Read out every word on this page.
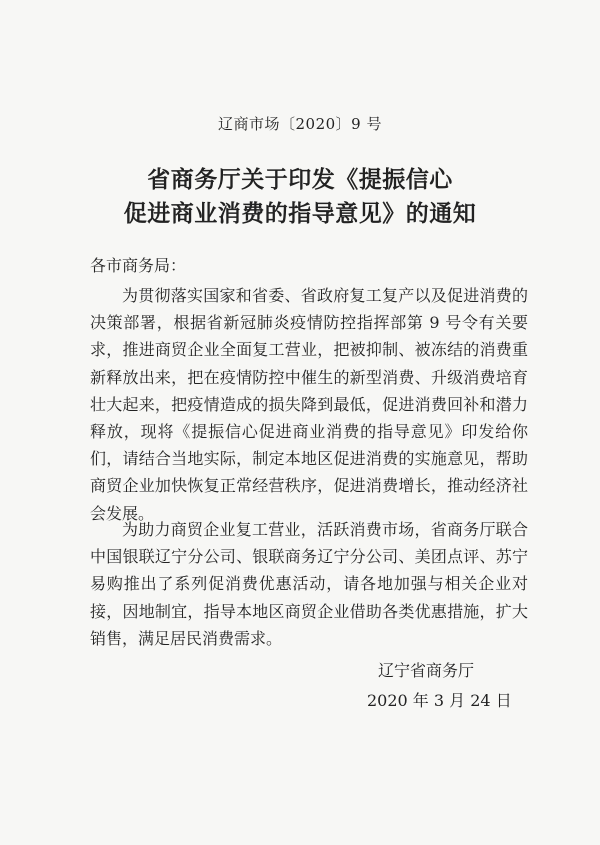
辽商市场〔2020〕9 号
省商务厅关于印发《提振信心
促进商业消费的指导意见》的通知
各市商务局：

为贯彻落实国家和省委、省政府复工复产以及促进消费的决策部署，根据省新冠肺炎疫情防控指挥部第 9 号令有关要求，推进商贸企业全面复工营业，把被抑制、被冻结的消费重新释放出来，把在疫情防控中催生的新型消费、升级消费培育壮大起来，把疫情造成的损失降到最低，促进消费回补和潜力释放，现将《提振信心促进商业消费的指导意见》印发给你们，请结合当地实际，制定本地区促进消费的实施意见，帮助商贸企业加快恢复正常经营秩序，促进消费增长，推动经济社会发展。

为助力商贸企业复工营业，活跃消费市场，省商务厅联合中国银联辽宁分公司、银联商务辽宁分公司、美团点评、苏宁易购推出了系列促消费优惠活动，请各地加强与相关企业对接，因地制宜，指导本地区商贸企业借助各类优惠措施，扩大销售，满足居民消费需求。

辽宁省商务厅
2020 年 3 月 24 日
